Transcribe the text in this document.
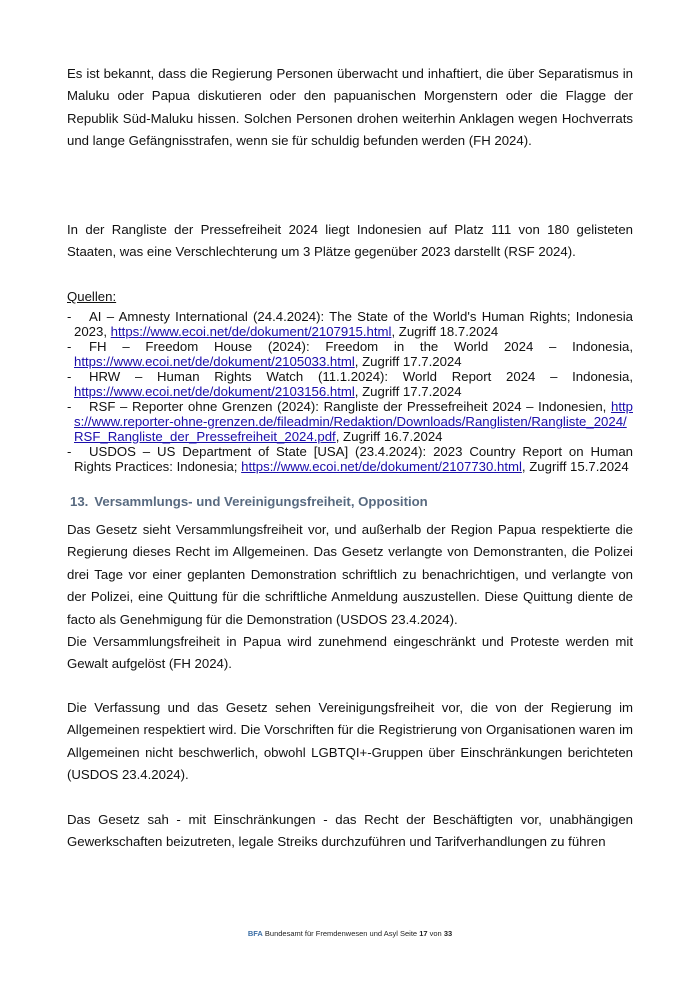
Es ist bekannt, dass die Regierung Personen überwacht und inhaftiert, die über Separatismus in Maluku oder Papua diskutieren oder den papuanischen Morgenstern oder die Flagge der Republik Süd-Maluku hissen. Solchen Personen drohen weiterhin Anklagen wegen Hochverrats und lange Gefängnisstrafen, wenn sie für schuldig befunden werden (FH 2024).

In der Rangliste der Pressefreiheit 2024 liegt Indonesien auf Platz 111 von 180 gelisteten Staaten, was eine Verschlechterung um 3 Plätze gegenüber 2023 darstellt (RSF 2024).

Quellen:

- AI – Amnesty International (24.4.2024): The State of the World's Human Rights; Indonesia 2023, https://www.ecoi.net/de/dokument/2107915.html, Zugriff 18.7.2024
- FH – Freedom House (2024): Freedom in the World 2024 – Indonesia, https://www.ecoi.net/de/dokument/2105033.html, Zugriff 17.7.2024
- HRW – Human Rights Watch (11.1.2024): World Report 2024 – Indonesia, https://www.ecoi.net/de/dokument/2103156.html, Zugriff 17.7.2024
- RSF – Reporter ohne Grenzen (2024): Rangliste der Pressefreiheit 2024 – Indonesien, https://www.reporter-ohne-grenzen.de/fileadmin/Redaktion/Downloads/Ranglisten/Rangliste_2024/RSF_Rangliste_der_Pressefreiheit_2024.pdf, Zugriff 16.7.2024
- USDOS – US Department of State [USA] (23.4.2024): 2023 Country Report on Human Rights Practices: Indonesia; https://www.ecoi.net/de/dokument/2107730.html, Zugriff 15.7.2024
13. Versammlungs- und Vereinigungsfreiheit, Opposition

Das Gesetz sieht Versammlungsfreiheit vor, und außerhalb der Region Papua respektierte die Regierung dieses Recht im Allgemeinen. Das Gesetz verlangte von Demonstranten, die Polizei drei Tage vor einer geplanten Demonstration schriftlich zu benachrichtigen, und verlangte von der Polizei, eine Quittung für die schriftliche Anmeldung auszustellen. Diese Quittung diente de facto als Genehmigung für die Demonstration (USDOS 23.4.2024).

Die Versammlungsfreiheit in Papua wird zunehmend eingeschränkt und Proteste werden mit Gewalt aufgelöst (FH 2024).

Die Verfassung und das Gesetz sehen Vereinigungsfreiheit vor, die von der Regierung im Allgemeinen respektiert wird. Die Vorschriften für die Registrierung von Organisationen waren im Allgemeinen nicht beschwerlich, obwohl LGBTQI+-Gruppen über Einschränkungen berichteten (USDOS 23.4.2024).

Das Gesetz sah - mit Einschränkungen - das Recht der Beschäftigten vor, unabhängigen Gewerkschaften beizutreten, legale Streiks durchzuführen und Tarifverhandlungen zu führen

BFA Bundesamt für Fremdenwesen und Asyl Seite 17 von 33
